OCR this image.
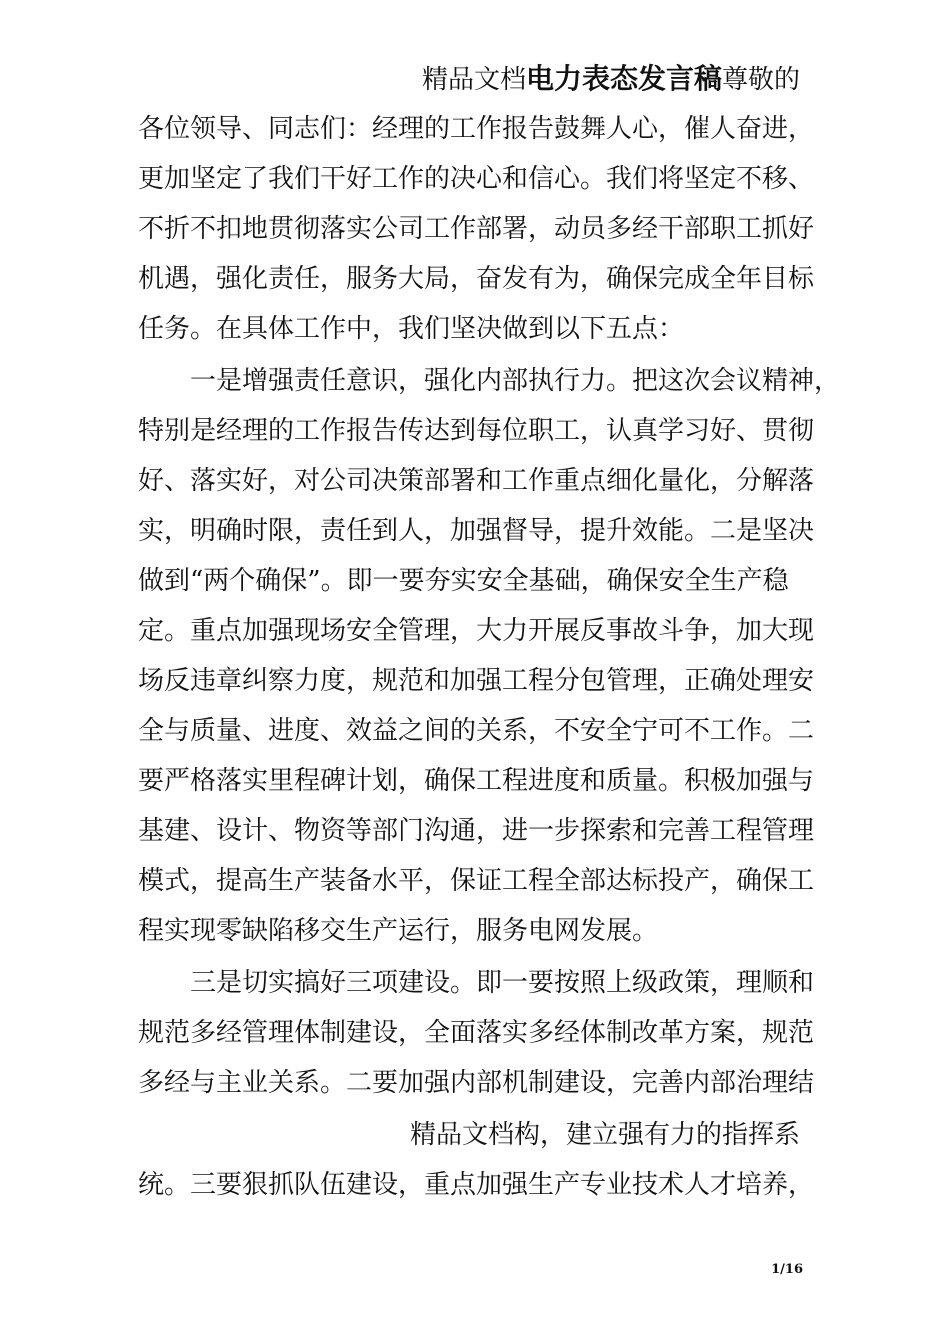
精品文档电力表态发言稿尊敬的
各位领导、同志们：经理的工作报告鼓舞人心，催人奋进，
更加坚定了我们干好工作的决心和信心。我们将坚定不移、
不折不扣地贯彻落实公司工作部署，动员多经干部职工抓好
机遇，强化责任，服务大局，奋发有为，确保完成全年目标
任务。在具体工作中，我们坚决做到以下五点：
一是增强责任意识，强化内部执行力。把这次会议精神，
特别是经理的工作报告传达到每位职工，认真学习好、贯彻
好、落实好，对公司决策部署和工作重点细化量化，分解落
实，明确时限，责任到人，加强督导，提升效能。二是坚决
做到“两个确保”。即一要夯实安全基础，确保安全生产稳
定。重点加强现场安全管理，大力开展反事故斗争，加大现
场反违章纠察力度，规范和加强工程分包管理，正确处理安
全与质量、进度、效益之间的关系，不安全宁可不工作。二
要严格落实里程碑计划，确保工程进度和质量。积极加强与
基建、设计、物资等部门沟通，进一步探索和完善工程管理
模式，提高生产装备水平，保证工程全部达标投产，确保工
程实现零缺陷移交生产运行，服务电网发展。
三是切实搞好三项建设。即一要按照上级政策，理顺和
规范多经管理体制建设，全面落实多经体制改革方案，规范
多经与主业关系。二要加强内部机制建设，完善内部治理结
精品文档构，建立强有力的指挥系
统。三要狠抓队伍建设，重点加强生产专业技术人才培养，
1/16
